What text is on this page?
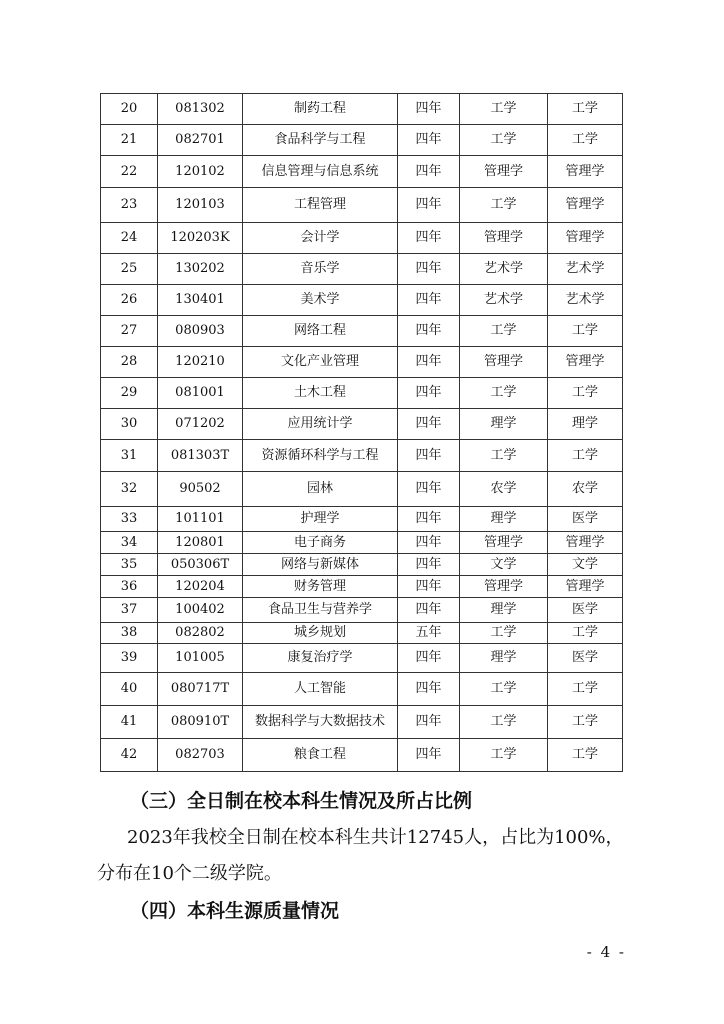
20	081302	制药工程	四年	工学	工学
21	082701	食品科学与工程	四年	工学	工学
22	120102	信息管理与信息系统	四年	管理学	管理学
23	120103	工程管理	四年	工学	管理学
24	120203K	会计学	四年	管理学	管理学
25	130202	音乐学	四年	艺术学	艺术学
26	130401	美术学	四年	艺术学	艺术学
27	080903	网络工程	四年	工学	工学
28	120210	文化产业管理	四年	管理学	管理学
29	081001	土木工程	四年	工学	工学
30	071202	应用统计学	四年	理学	理学
31	081303T	资源循环科学与工程	四年	工学	工学
32	90502	园林	四年	农学	农学
33	101101	护理学	四年	理学	医学
34	120801	电子商务	四年	管理学	管理学
35	050306T	网络与新媒体	四年	文学	文学
36	120204	财务管理	四年	管理学	管理学
37	100402	食品卫生与营养学	四年	理学	医学
38	082802	城乡规划	五年	工学	工学
39	101005	康复治疗学	四年	理学	医学
40	080717T	人工智能	四年	工学	工学
41	080910T	数据科学与大数据技术	四年	工学	工学
42	082703	粮食工程	四年	工学	工学
（三）全日制在校本科生情况及所占比例
2023年我校全日制在校本科生共计12745人，占比为100%，
分布在10个二级学院。
（四）本科生源质量情况
- 4 -
